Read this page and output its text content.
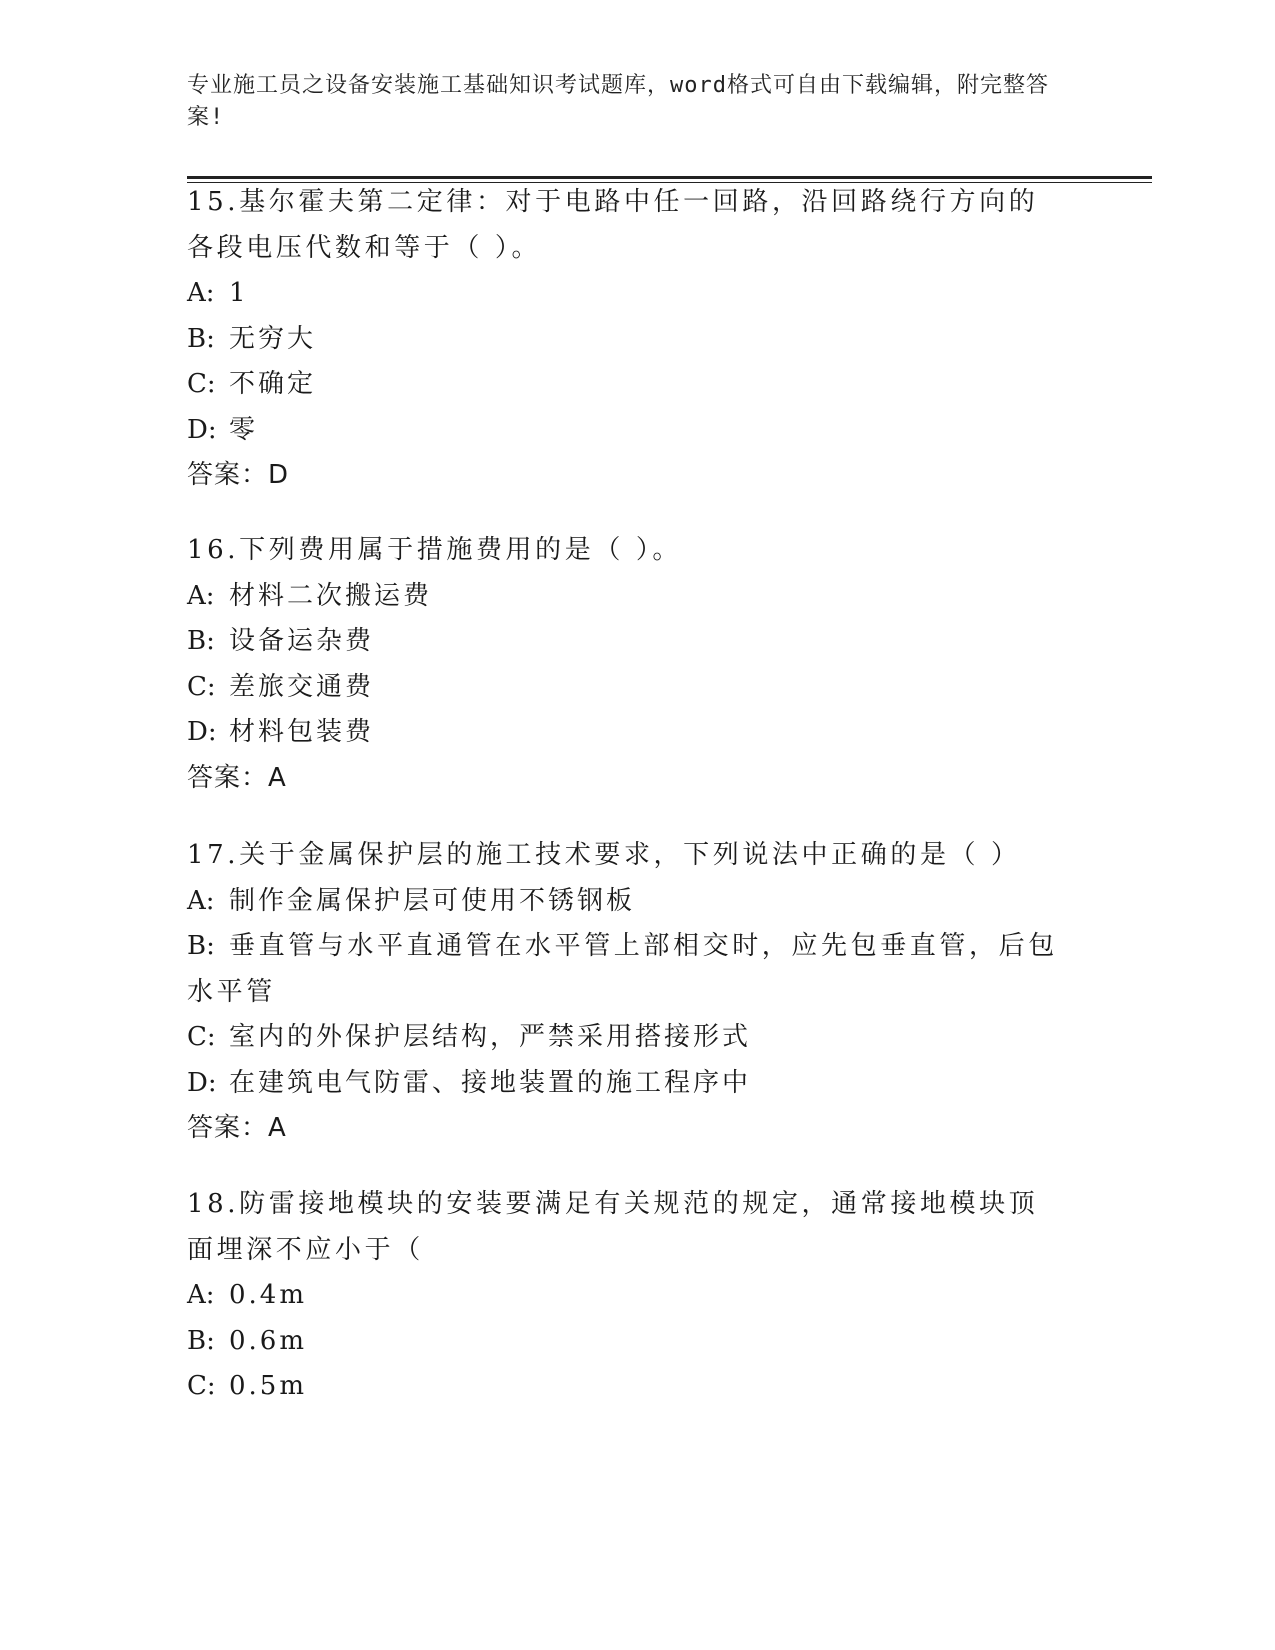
专业施工员之设备安装施工基础知识考试题库，word格式可自由下载编辑，附完整答案!
15.基尔霍夫第二定律：对于电路中任一回路，沿回路绕行方向的各段电压代数和等于（ ）。
A: 1
B: 无穷大
C: 不确定
D: 零
答案：D
16.下列费用属于措施费用的是（ ）。
A: 材料二次搬运费
B: 设备运杂费
C: 差旅交通费
D: 材料包装费
答案：A
17.关于金属保护层的施工技术要求，下列说法中正确的是（ ）
A: 制作金属保护层可使用不锈钢板
B: 垂直管与水平直通管在水平管上部相交时，应先包垂直管，后包水平管
C: 室内的外保护层结构，严禁采用搭接形式
D: 在建筑电气防雷、接地装置的施工程序中
答案：A
18.防雷接地模块的安装要满足有关规范的规定，通常接地模块顶面埋深不应小于（
A: 0.4m
B: 0.6m
C: 0.5m
